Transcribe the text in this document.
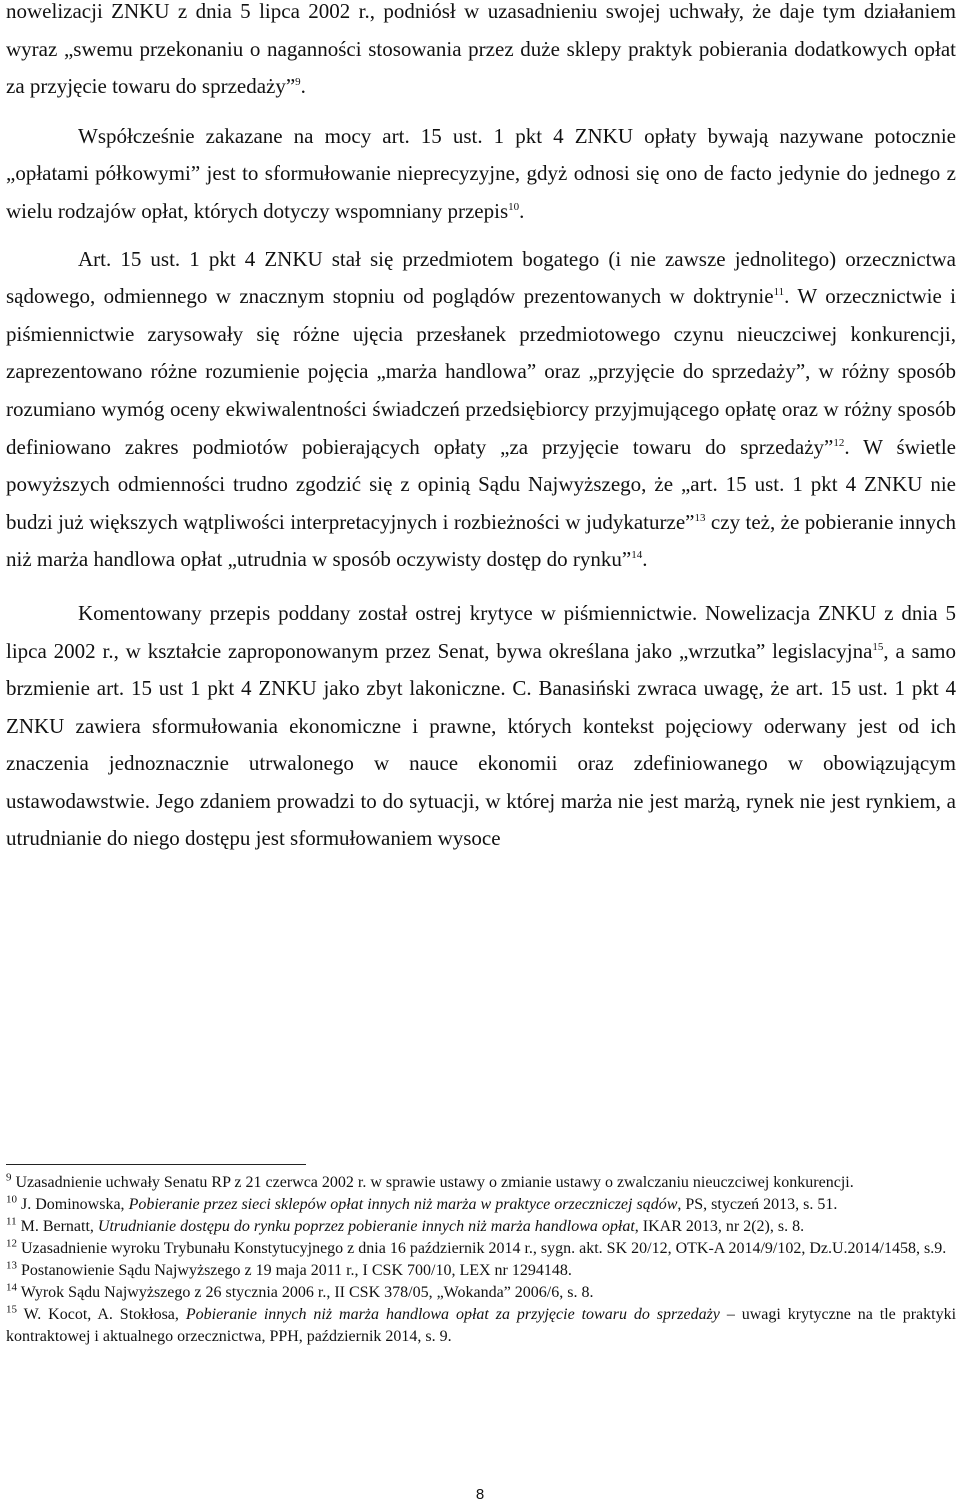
nowelizacji ZNKU z dnia 5 lipca 2002 r., podniósł w uzasadnieniu swojej uchwały, że daje tym działaniem wyraz „swemu przekonaniu o naganności stosowania przez duże sklepy praktyk pobierania dodatkowych opłat za przyjęcie towaru do sprzedaży”$^9$.

Współcześnie zakazane na mocy art. 15 ust. 1 pkt 4 ZNKU opłaty bywają nazywane potocznie „opłatami półkowymi” jest to sformułowanie nieprecyzyjne, gdyż odnosi się ono de facto jedynie do jednego z wielu rodzajów opłat, których dotyczy wspomniany przepis$^{10}$.

Art. 15 ust. 1 pkt 4 ZNKU stał się przedmiotem bogatego (i nie zawsze jednolitego) orzecznictwa sądowego, odmiennego w znacznym stopniu od poglądów prezentowanych w doktrynie$^{11}$. W orzecznictwie i piśmiennictwie zarysowały się różne ujęcia przesłanek przedmiotowego czynu nieuczciwej konkurencji, zaprezentowano różne rozumienie pojęcia „marża handlowa” oraz „przyjęcie do sprzedaży”, w różny sposób rozumiano wymóg oceny ekwiwalentności świadczeń przedsiębiorcy przyjmującego opłatę oraz w różny sposób definiowano zakres podmiotów pobierających opłaty „za przyjęcie towaru do sprzedaży”$^{12}$. W świetle powyższych odmienności trudno zgodzić się z opinią Sądu Najwyższego, że „art. 15 ust. 1 pkt 4 ZNKU nie budzi już większych wątpliwości interpretacyjnych i rozbieżności w judykaturze”$^{13}$ czy też, że pobieranie innych niż marża handlowa opłat „utrudnia w sposób oczywisty dostęp do rynku”$^{14}$.

Komentowany przepis poddany został ostrej krytyce w piśmiennictwie. Nowelizacja ZNKU z dnia 5 lipca 2002 r., w kształcie zaproponowanym przez Senat, bywa określana jako „wrzutka” legislacyjna$^{15}$, a samo brzmienie art. 15 ust 1 pkt 4 ZNKU jako zbyt lakoniczne. C. Banasiński zwraca uwagę, że art. 15 ust. 1 pkt 4 ZNKU zawiera sformułowania ekonomiczne i prawne, których kontekst pojęciowy oderwany jest od ich znaczenia jednoznacznie utrwalonego w nauce ekonomii oraz zdefiniowanego w obowiązującym ustawodawstwie. Jego zdaniem prowadzi to do sytuacji, w której marża nie jest marżą, rynek nie jest rynkiem, a utrudnianie do niego dostępu jest sformułowaniem wysoce

$^9$ Uzasadnienie uchwały Senatu RP z 21 czerwca 2002 r. w sprawie ustawy o zmianie ustawy o zwalczaniu nieuczciwej konkurencji.

$^{10}$ J. Dominowska, Pobieranie przez sieci sklepów opłat innych niż marża w praktyce orzeczniczej sądów, PS, styczeń 2013, s. 51.

$^{11}$ M. Bernatt, Utrudnianie dostępu do rynku poprzez pobieranie innych niż marża handlowa opłat, IKAR 2013, nr 2(2), s. 8.

$^{12}$ Uzasadnienie wyroku Trybunału Konstytucyjnego z dnia 16 październik 2014 r., sygn. akt. SK 20/12, OTK-A 2014/9/102, Dz.U.2014/1458, s.9.

$^{13}$ Postanowienie Sądu Najwyższego z 19 maja 2011 r., I CSK 700/10, LEX nr 1294148.

$^{14}$ Wyrok Sądu Najwyższego z 26 stycznia 2006 r., II CSK 378/05, „Wokanda” 2006/6, s. 8.

$^{15}$ W. Kocot, A. Stokłosa, Pobieranie innych niż marża handlowa opłat za przyjęcie towaru do sprzedaży – uwagi krytyczne na tle praktyki kontraktowej i aktualnego orzecznictwa, PPH, październik 2014, s. 9.

8
